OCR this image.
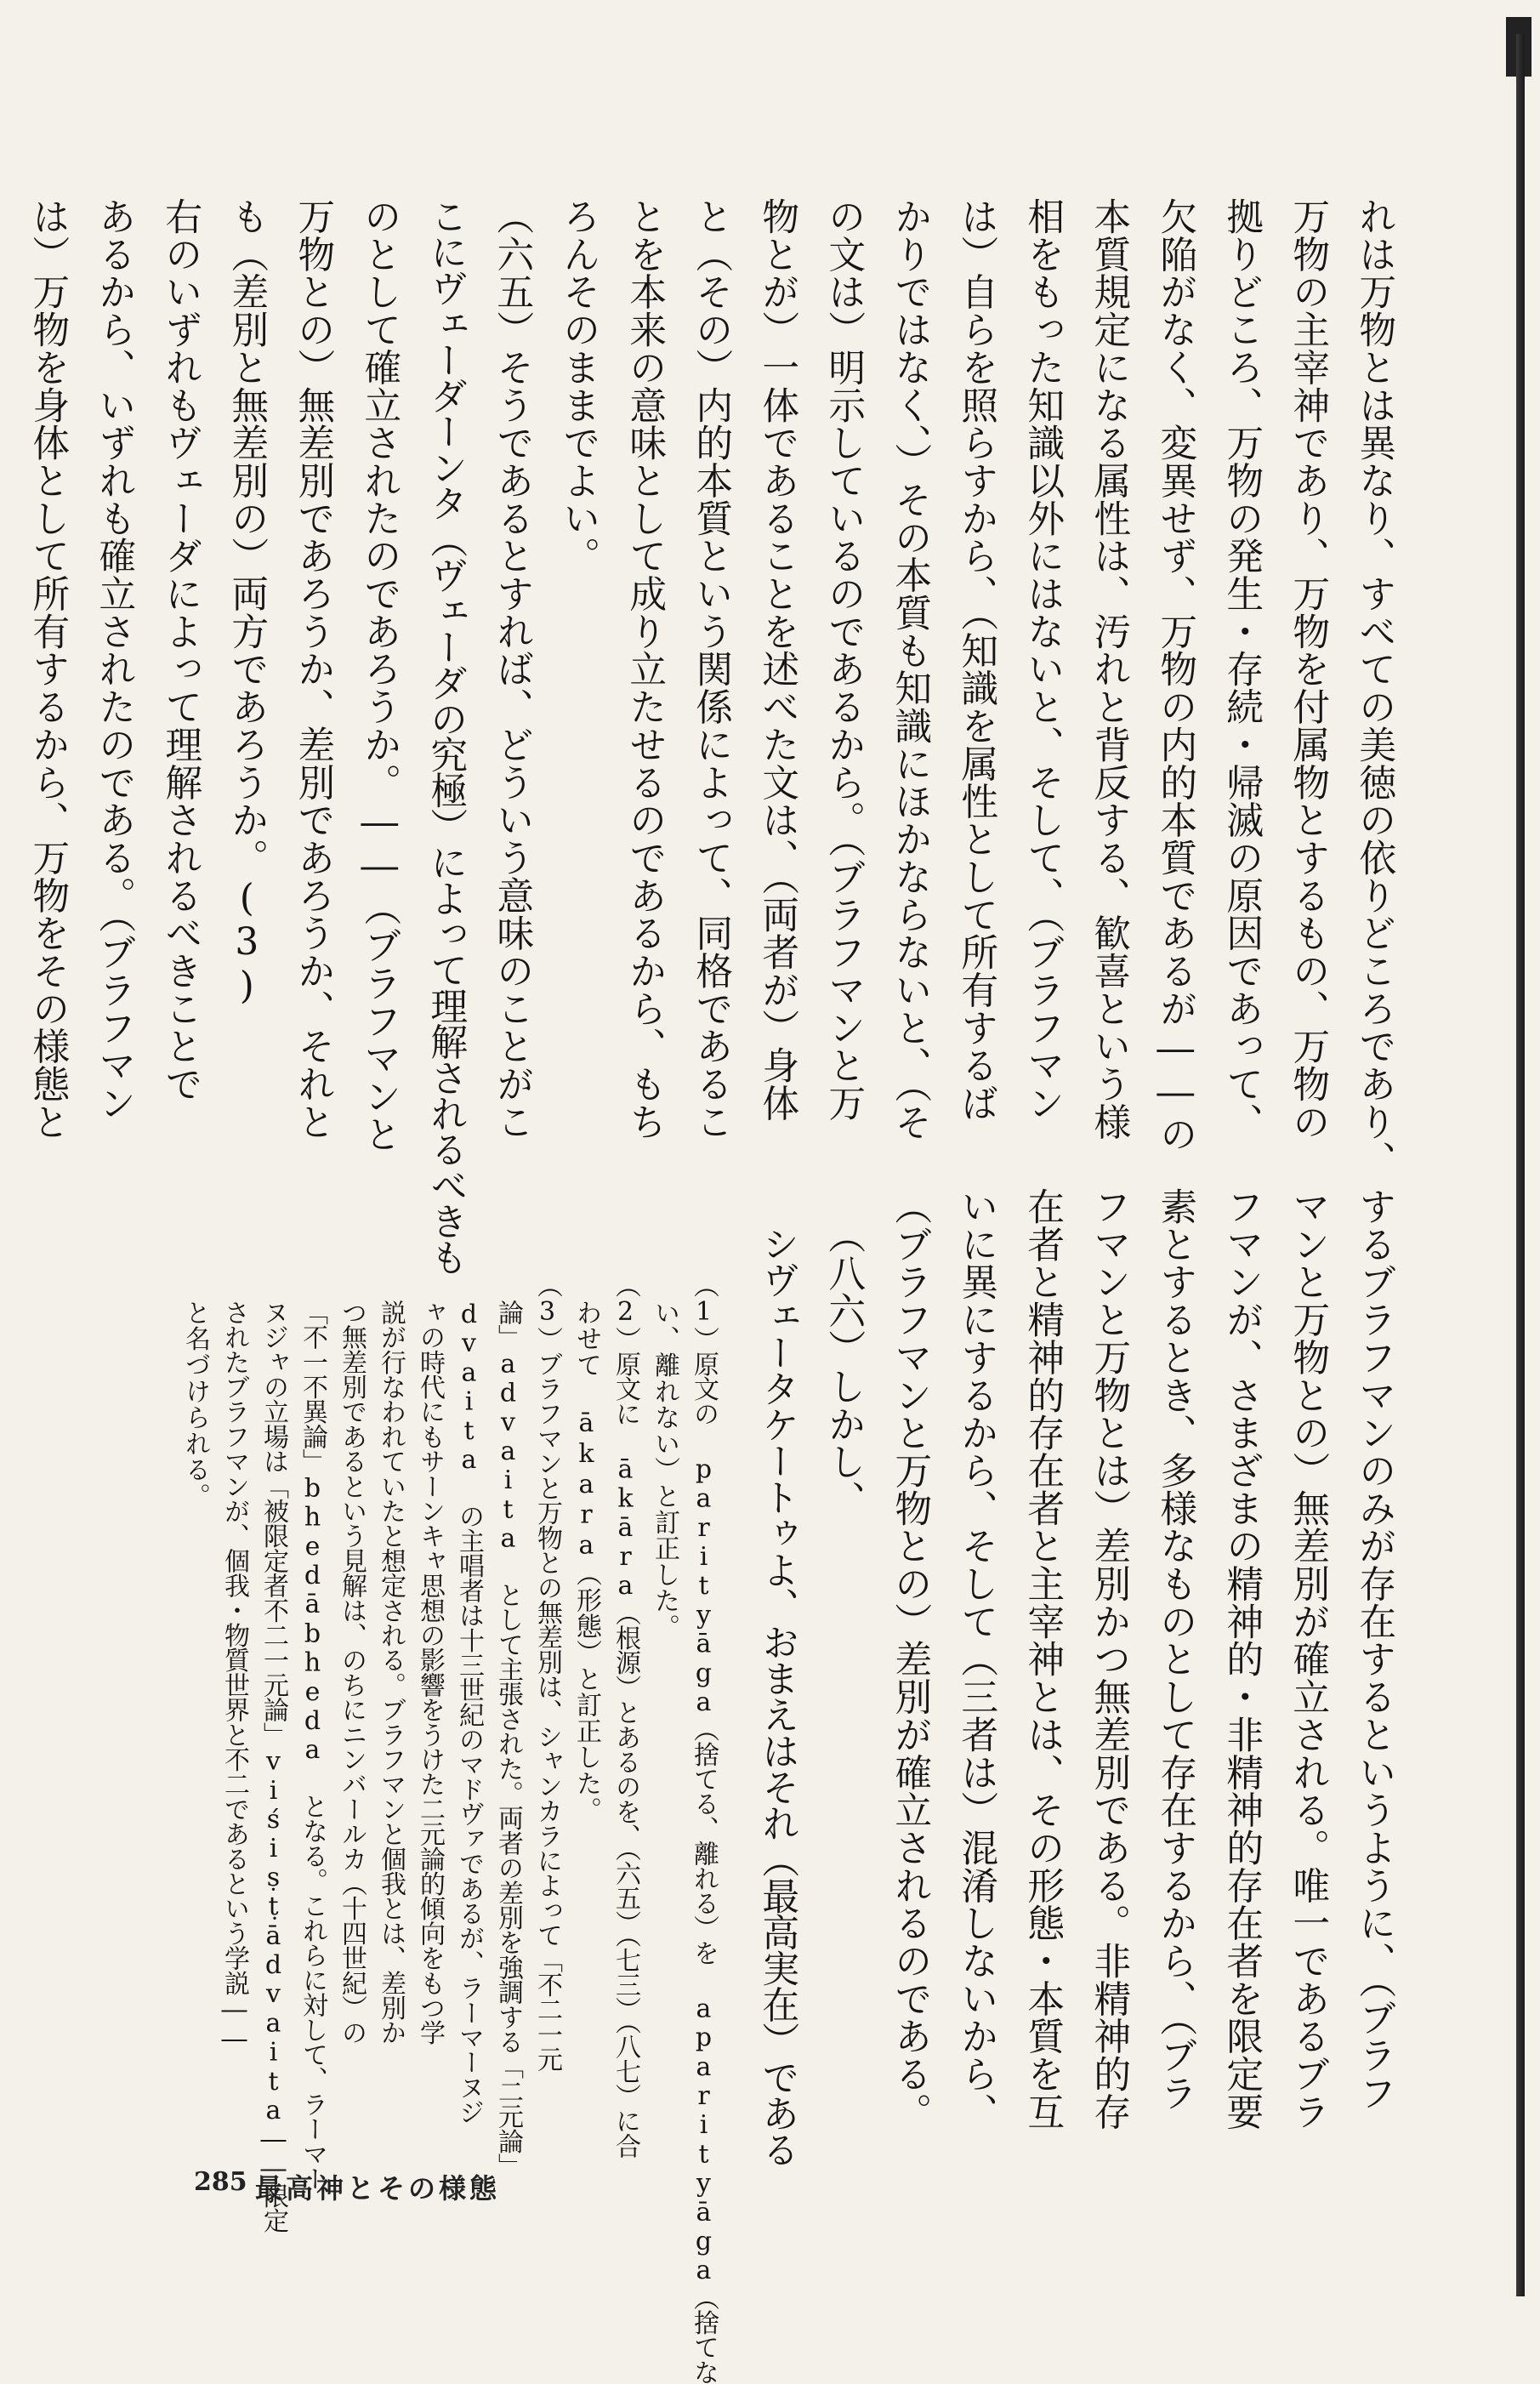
れは万物とは異なり、すべての美徳の依りどころであり、
万物の主宰神であり、万物を付属物とするもの、万物の
拠りどころ、万物の発生・存続・帰滅の原因であって、
欠陥がなく、変異せず、万物の内的本質であるが――の
本質規定になる属性は、汚れと背反する、歓喜という様
相をもった知識以外にはないと、そして、（ブラフマン
は）自らを照らすから、（知識を属性として所有するば
かりではなく、）その本質も知識にほかならないと、（そ
の文は）明示しているのであるから。（ブラフマンと万
物とが）一体であることを述べた文は、（両者が）身体
と（その）内的本質という関係によって、同格であるこ
とを本来の意味として成り立たせるのであるから、もち
ろんそのままでよい。
（六五）そうであるとすれば、どういう意味のことがこ
こにヴェーダーンタ（ヴェーダの究極）によって理解されるべきも
のとして確立されたのであろうか。――（ブラフマンと
万物との）無差別であろうか、差別であろうか、それと
も（差別と無差別の）両方であろうか。(3)
右のいずれもヴェーダによって理解されるべきことで
あるから、いずれも確立されたのである。（ブラフマン
は）万物を身体として所有するから、万物をその様態と
するブラフマンのみが存在するというように、（ブラフ
マンと万物との）無差別が確立される。唯一であるブラ
フマンが、さまざまの精神的・非精神的存在者を限定要
素とするとき、多様なものとして存在するから、（ブラ
フマンと万物とは）差別かつ無差別である。非精神的存
在者と精神的存在者と主宰神とは、その形態・本質を互
いに異にするから、そして（三者は）混淆しないから、
（ブラフマンと万物との）差別が確立されるのである。
（八六）しかし、
シヴェータケートゥよ、おまえはそれ（最高実在）である
（1）原文の parityāga（捨てる、離れる）を aparityāga（捨てな
い、離れない）と訂正した。
（2）原文に ākāra（根源）とあるのを、（六五）（七三）（八七）に合
わせて ākara（形態）と訂正した。
（3）ブラフマンと万物との無差別は、シャンカラによって「不二一元
論」advaita として主張された。両者の差別を強調する「二元論」
dvaita の主唱者は十三世紀のマドヴァであるが、ラーマーヌジ
ャの時代にもサーンキャ思想の影響をうけた二元論的傾向をもつ学
説が行なわれていたと想定される。ブラフマンと個我とは、差別か
つ無差別であるという見解は、のちにニンバールカ（十四世紀）の
「不一不異論」bhedābheda となる。これらに対して、ラーマー
ヌジャの立場は「被限定者不二一元論」viśiṣṭādvaita――限定
されたブラフマンが、個我・物質世界と不二であるという学説――
と名づけられる。
285 最高神とその様態
